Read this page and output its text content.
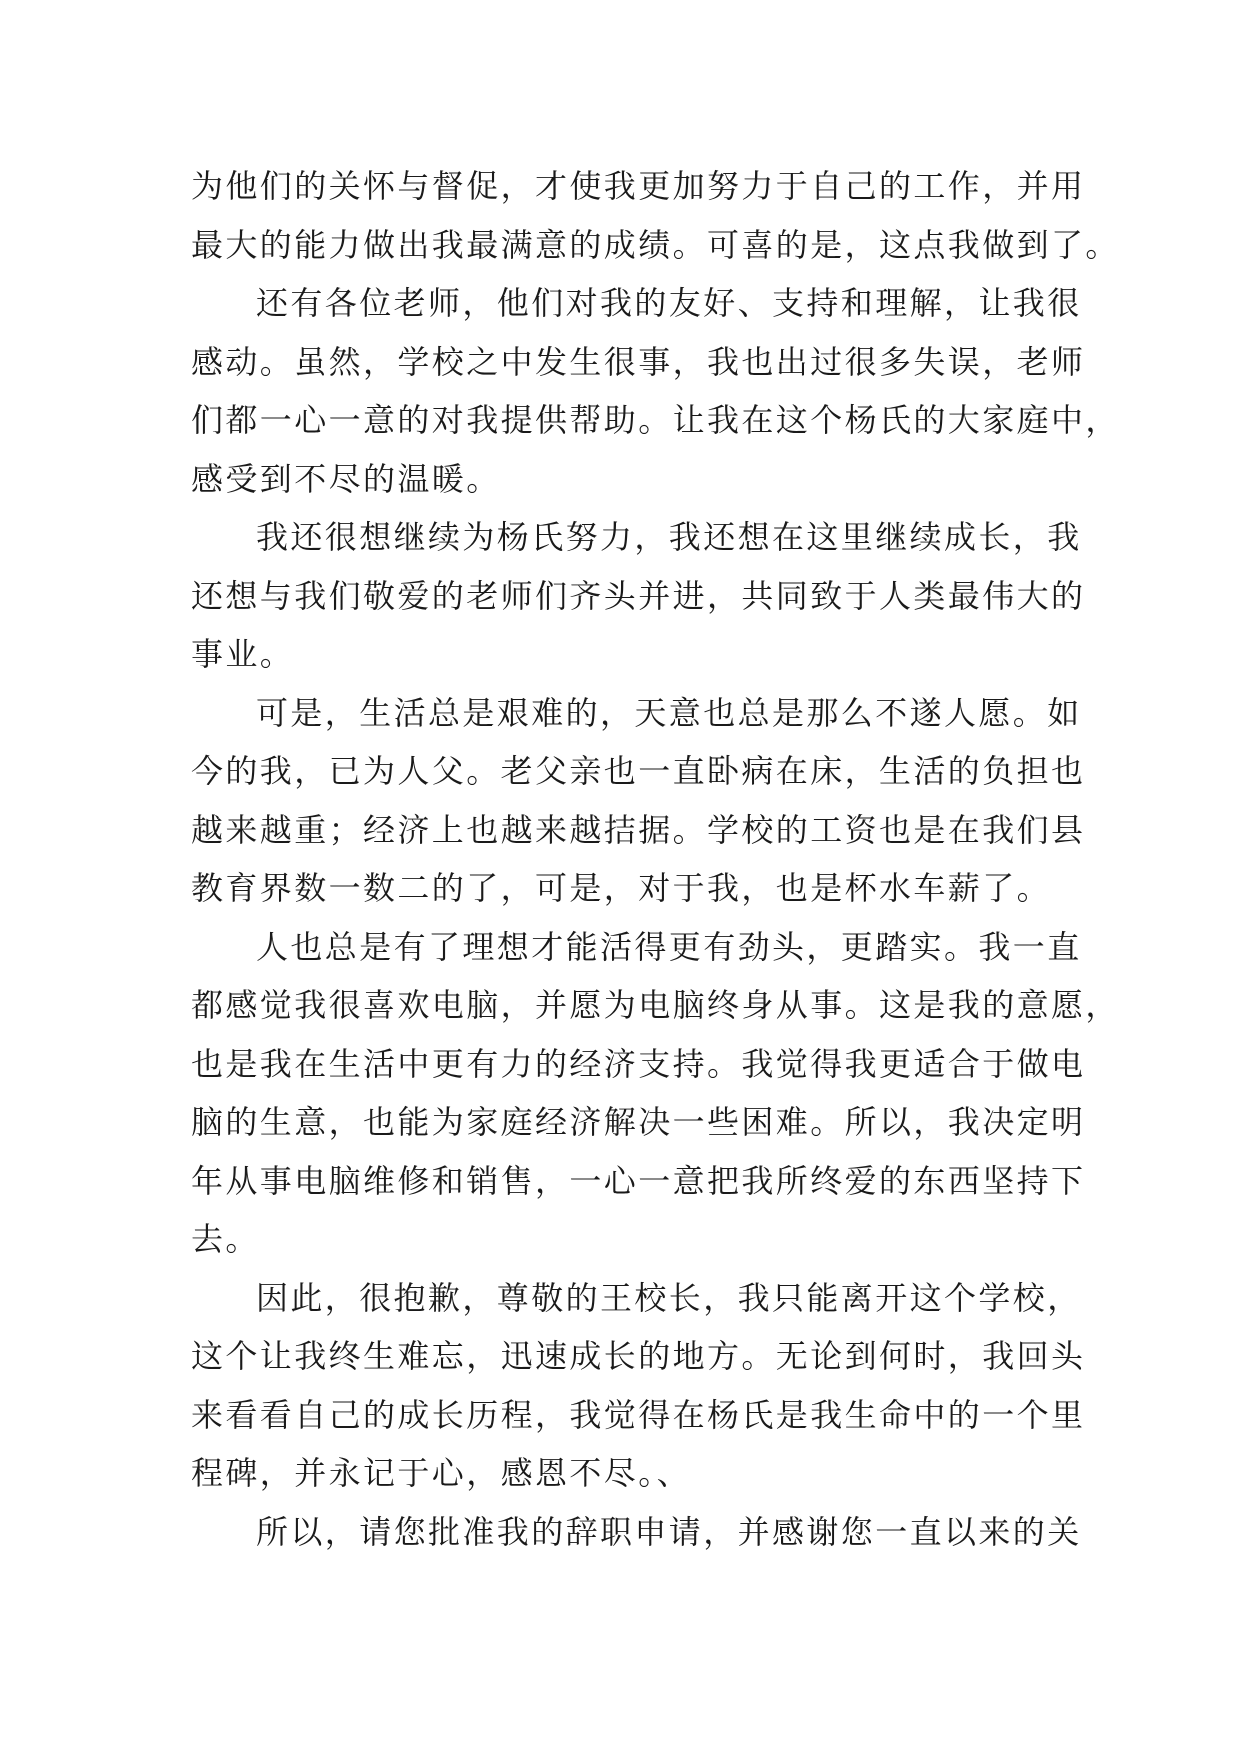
为他们的关怀与督促，才使我更加努力于自己的工作，并用
最大的能力做出我最满意的成绩。可喜的是，这点我做到了。
还有各位老师，他们对我的友好、支持和理解，让我很
感动。虽然，学校之中发生很事，我也出过很多失误，老师
们都一心一意的对我提供帮助。让我在这个杨氏的大家庭中，
感受到不尽的温暖。
我还很想继续为杨氏努力，我还想在这里继续成长，我
还想与我们敬爱的老师们齐头并进，共同致于人类最伟大的
事业。
可是，生活总是艰难的，天意也总是那么不遂人愿。如
今的我，已为人父。老父亲也一直卧病在床，生活的负担也
越来越重；经济上也越来越拮据。学校的工资也是在我们县
教育界数一数二的了，可是，对于我，也是杯水车薪了。
人也总是有了理想才能活得更有劲头，更踏实。我一直
都感觉我很喜欢电脑，并愿为电脑终身从事。这是我的意愿，
也是我在生活中更有力的经济支持。我觉得我更适合于做电
脑的生意，也能为家庭经济解决一些困难。所以，我决定明
年从事电脑维修和销售，一心一意把我所终爱的东西坚持下
去。
因此，很抱歉，尊敬的王校长，我只能离开这个学校，
这个让我终生难忘，迅速成长的地方。无论到何时，我回头
来看看自己的成长历程，我觉得在杨氏是我生命中的一个里
程碑，并永记于心，感恩不尽。、
所以，请您批准我的辞职申请，并感谢您一直以来的关
